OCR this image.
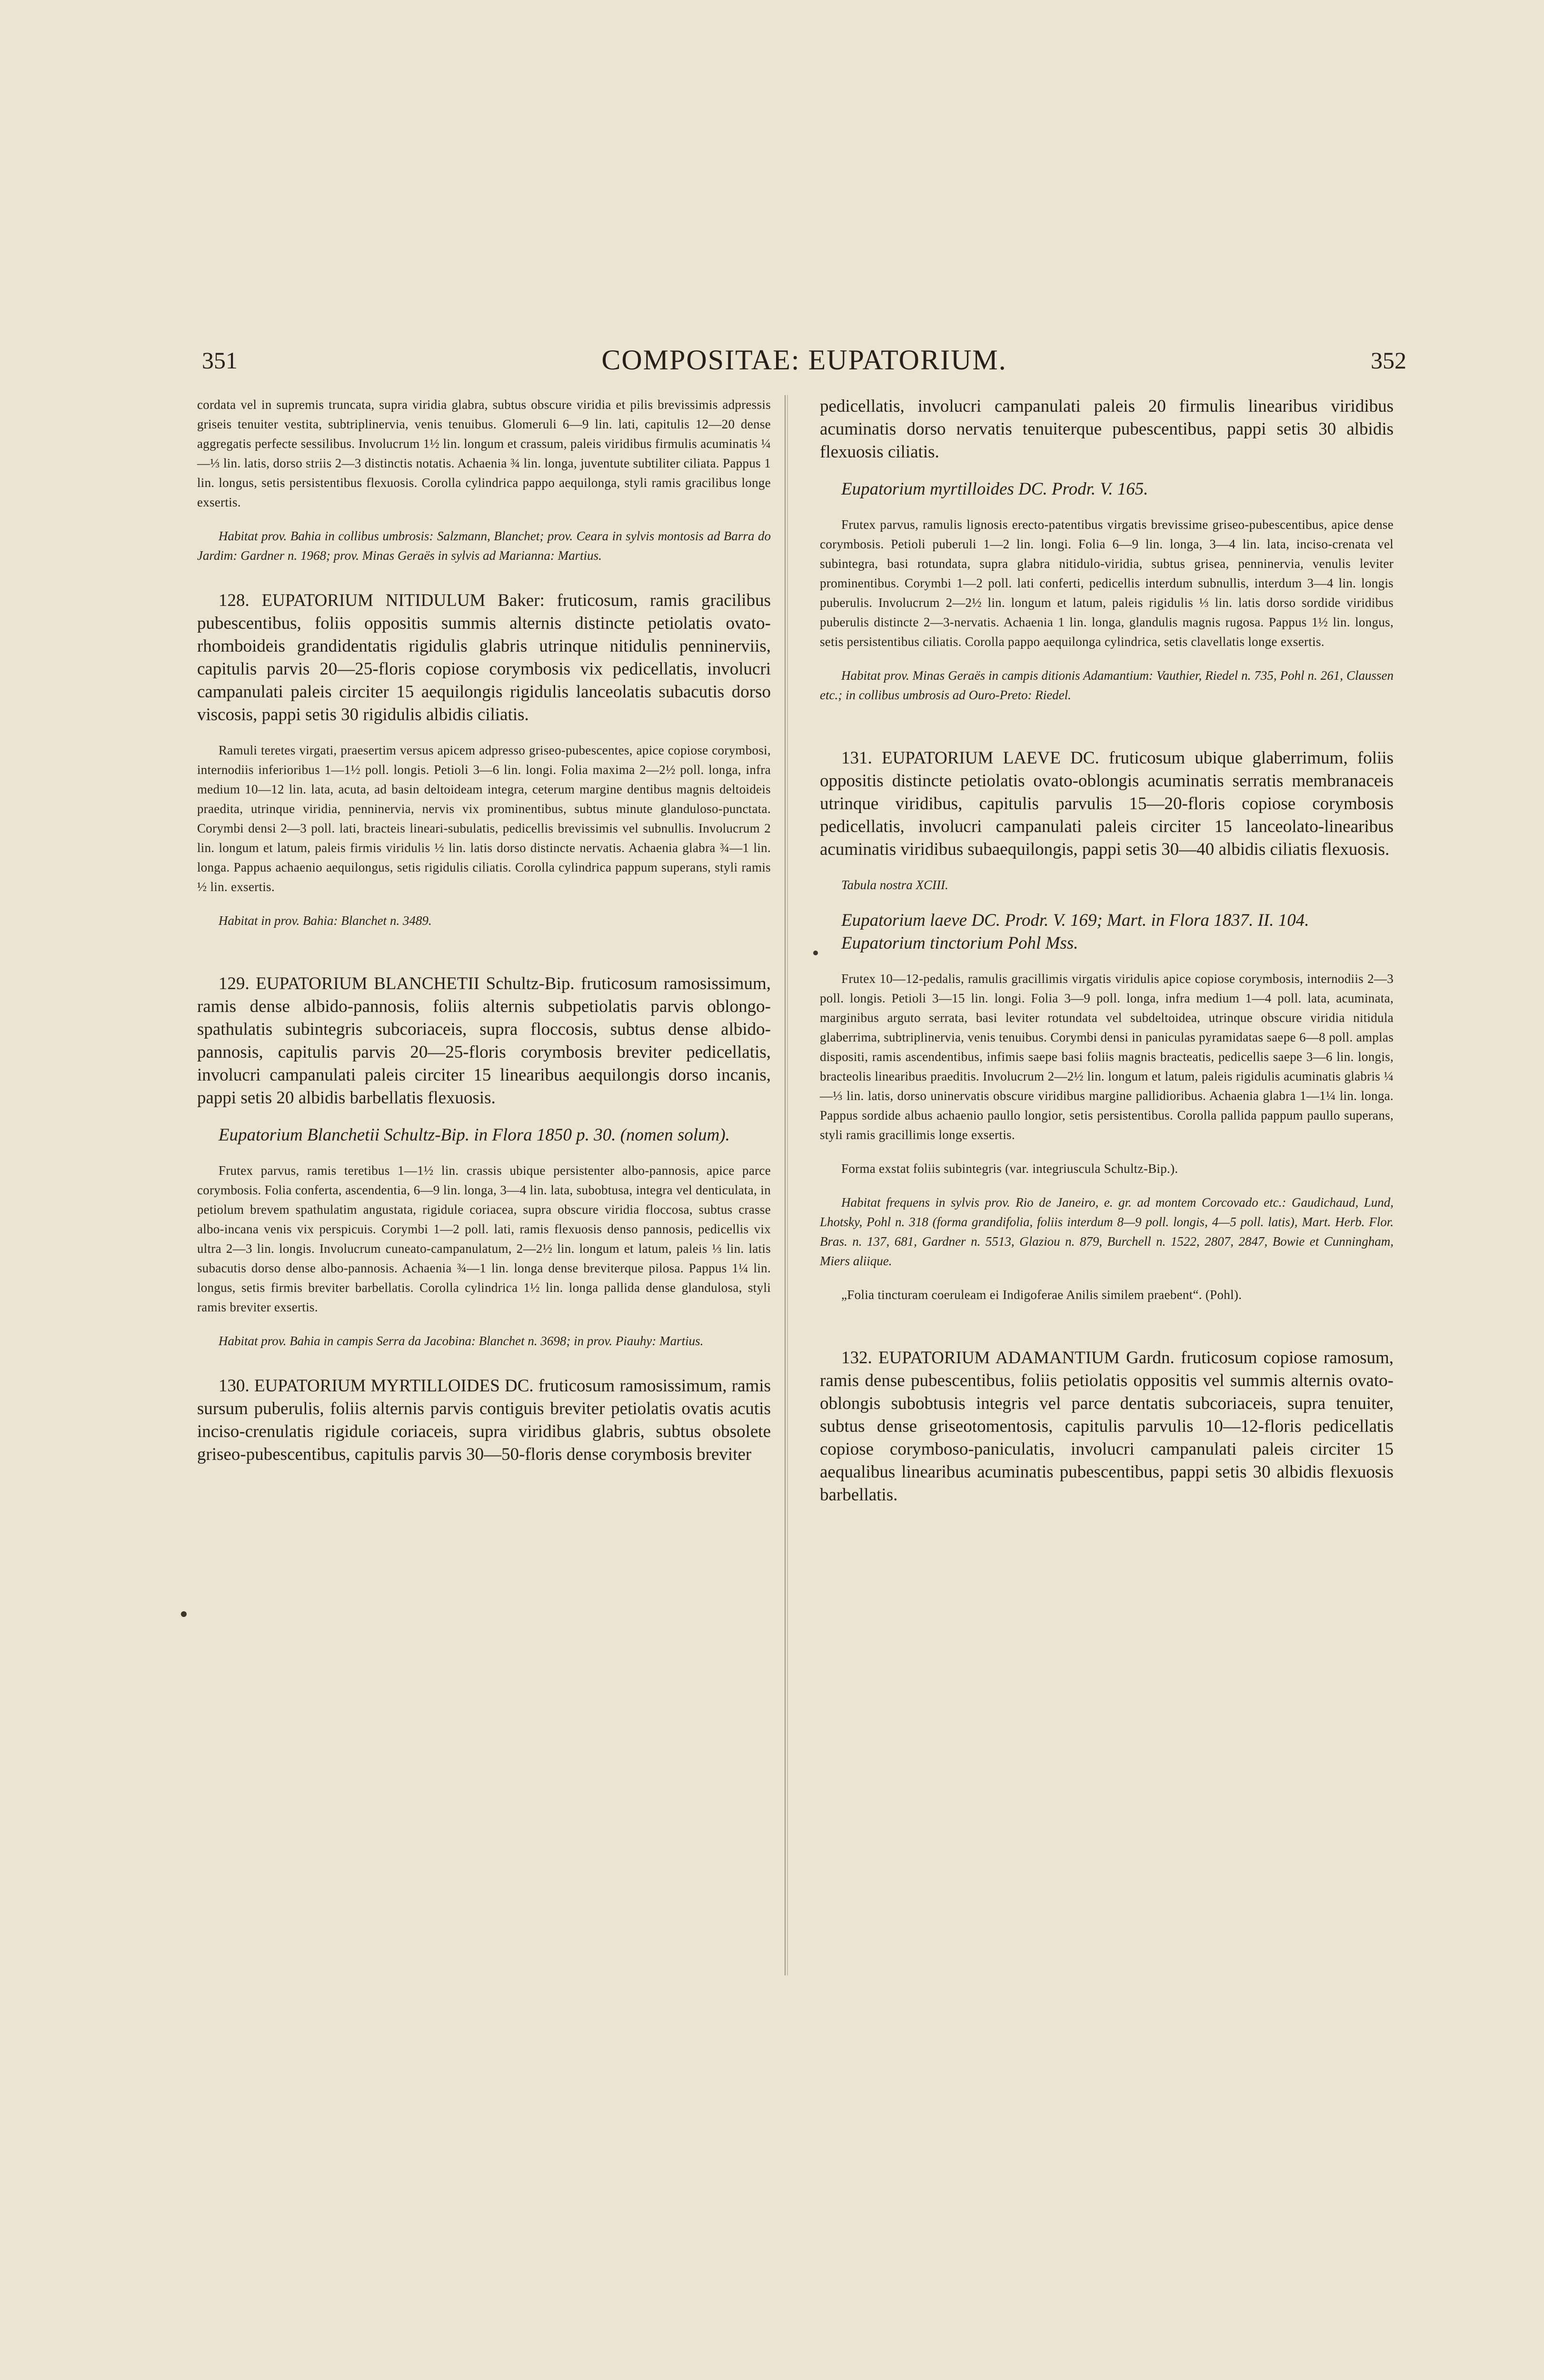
351	COMPOSITAE: EUPATORIUM.	352
cordata vel in supremis truncata, supra viridia glabra, subtus obscure viridia et pilis brevissimis adpressis griseis tenuiter vestita, subtriplinervia, venis tenuibus. Glomeruli 6—9 lin. lati, capitulis 12—20 dense aggregatis perfecte sessilibus. Involucrum 1½ lin. longum et crassum, paleis viridibus firmulis acuminatis ¼—⅓ lin. latis, dorso striis 2—3 distinctis notatis. Achaenia ¾ lin. longa, juventute subtiliter ciliata. Pappus 1 lin. longus, setis persistentibus flexuosis. Corolla cylindrica pappo aequilonga, styli ramis gracilibus longe exsertis.
Habitat prov. Bahia in collibus umbrosis: Salzmann, Blanchet; prov. Ceara in sylvis montosis ad Barra do Jardim: Gardner n. 1968; prov. Minas Geraës in sylvis ad Marianna: Martius.
128. EUPATORIUM NITIDULUM Baker: fruticosum, ramis gracilibus pubescentibus, foliis oppositis summis alternis distincte petiolatis ovato-rhomboideis grandidentatis rigidulis glabris utrinque nitidulis penninerviis, capitulis parvis 20—25-floris copiose corymbosis vix pedicellatis, involucri campanulati paleis circiter 15 aequilongis rigidulis lanceolatis subacutis dorso viscosis, pappi setis 30 rigidulis albidis ciliatis.
Ramuli teretes virgati, praesertim versus apicem adpresso griseo-pubescentes, apice copiose corymbosi, internodiis inferioribus 1—1½ poll. longis. Petioli 3—6 lin. longi. Folia maxima 2—2½ poll. longa, infra medium 10—12 lin. lata, acuta, ad basin deltoideam integra, ceterum margine dentibus magnis deltoideis praedita, utrinque viridia, penninervia, nervis vix prominentibus, subtus minute glanduloso-punctata. Corymbi densi 2—3 poll. lati, bracteis lineari-subulatis, pedicellis brevissimis vel subnullis. Involucrum 2 lin. longum et latum, paleis firmis viridulis ½ lin. latis dorso distincte nervatis. Achaenia glabra ¾—1 lin. longa. Pappus achaenio aequilongus, setis rigidulis ciliatis. Corolla cylindrica pappum superans, styli ramis ½ lin. exsertis.
Habitat in prov. Bahia: Blanchet n. 3489.
129. EUPATORIUM BLANCHETII Schultz-Bip. fruticosum ramosissimum, ramis dense albido-pannosis, foliis alternis subpetiolatis parvis oblongo-spathulatis subintegris subcoriaceis, supra floccosis, subtus dense albido-pannosis, capitulis parvis 20—25-floris corymbosis breviter pedicellatis, involucri campanulati paleis circiter 15 linearibus aequilongis dorso incanis, pappi setis 20 albidis barbellatis flexuosis.
Eupatorium Blanchetii Schultz-Bip. in Flora 1850 p. 30. (nomen solum).
Frutex parvus, ramis teretibus 1—1½ lin. crassis ubique persistenter albo-pannosis, apice parce corymbosis. Folia conferta, ascendentia, 6—9 lin. longa, 3—4 lin. lata, subobtusa, integra vel denticulata, in petiolum brevem spathulatim angustata, rigidule coriacea, supra obscure viridia floccosa, subtus crasse albo-incana venis vix perspicuis. Corymbi 1—2 poll. lati, ramis flexuosis denso pannosis, pedicellis vix ultra 2—3 lin. longis. Involucrum cuneato-campanulatum, 2—2½ lin. longum et latum, paleis ⅓ lin. latis subacutis dorso dense albo-pannosis. Achaenia ¾—1 lin. longa dense breviterque pilosa. Pappus 1¼ lin. longus, setis firmis breviter barbellatis. Corolla cylindrica 1½ lin. longa pallida dense glandulosa, styli ramis breviter exsertis.
Habitat prov. Bahia in campis Serra da Jacobina: Blanchet n. 3698; in prov. Piauhy: Martius.
130. EUPATORIUM MYRTILLOIDES DC. fruticosum ramosissimum, ramis sursum puberulis, foliis alternis parvis contiguis breviter petiolatis ovatis acutis inciso-crenulatis rigidule coriaceis, supra viridibus glabris, subtus obsolete griseo-pubescentibus, capitulis parvis 30—50-floris dense corymbosis breviter
pedicellatis, involucri campanulati paleis 20 firmulis linearibus viridibus acuminatis dorso nervatis tenuiterque pubescentibus, pappi setis 30 albidis flexuosis ciliatis.
Eupatorium myrtilloides DC. Prodr. V. 165.
Frutex parvus, ramulis lignosis erecto-patentibus virgatis brevissime griseo-pubescentibus, apice dense corymbosis. Petioli puberuli 1—2 lin. longi. Folia 6—9 lin. longa, 3—4 lin. lata, inciso-crenata vel subintegra, basi rotundata, supra glabra nitidulo-viridia, subtus grisea, penninervia, venulis leviter prominentibus. Corymbi 1—2 poll. lati conferti, pedicellis interdum subnullis, interdum 3—4 lin. longis puberulis. Involucrum 2—2½ lin. longum et latum, paleis rigidulis ⅓ lin. latis dorso sordide viridibus puberulis distincte 2—3-nervatis. Achaenia 1 lin. longa, glandulis magnis rugosa. Pappus 1½ lin. longus, setis persistentibus ciliatis. Corolla pappo aequilonga cylindrica, setis clavellatis longe exsertis.
Habitat prov. Minas Geraës in campis ditionis Adamantium: Vauthier, Riedel n. 735, Pohl n. 261, Claussen etc.; in collibus umbrosis ad Ouro-Preto: Riedel.
131. EUPATORIUM LAEVE DC. fruticosum ubique glaberrimum, foliis oppositis distincte petiolatis ovato-oblongis acuminatis serratis membranaceis utrinque viridibus, capitulis parvulis 15—20-floris copiose corymbosis pedicellatis, involucri campanulati paleis circiter 15 lanceolato-linearibus acuminatis viridibus subaequilongis, pappi setis 30—40 albidis ciliatis flexuosis.
Tabula nostra XCIII.
Eupatorium laeve DC. Prodr. V. 169; Mart. in Flora 1837. II. 104.
Eupatorium tinctorium Pohl Mss.
Frutex 10—12-pedalis, ramulis gracillimis virgatis viridulis apice copiose corymbosis, internodiis 2—3 poll. longis. Petioli 3—15 lin. longi. Folia 3—9 poll. longa, infra medium 1—4 poll. lata, acuminata, marginibus arguto serrata, basi leviter rotundata vel subdeltoidea, utrinque obscure viridia nitidula glaberrima, subtriplinervia, venis tenuibus. Corymbi densi in paniculas pyramidatas saepe 6—8 poll. amplas dispositi, ramis ascendentibus, infimis saepe basi foliis magnis bracteatis, pedicellis saepe 3—6 lin. longis, bracteolis linearibus praeditis. Involucrum 2—2½ lin. longum et latum, paleis rigidulis acuminatis glabris ¼—⅓ lin. latis, dorso uninervatis obscure viridibus margine pallidioribus. Achaenia glabra 1—1¼ lin. longa. Pappus sordide albus achaenio paullo longior, setis persistentibus. Corolla pallida pappum paullo superans, styli ramis gracillimis longe exsertis.
Forma exstat foliis subintegris (var. integriuscula Schultz-Bip.).
Habitat frequens in sylvis prov. Rio de Janeiro, e. gr. ad montem Corcovado etc.: Gaudichaud, Lund, Lhotsky, Pohl n. 318 (forma grandifolia, foliis interdum 8—9 poll. longis, 4—5 poll. latis), Mart. Herb. Flor. Bras. n. 137, 681, Gardner n. 5513, Glaziou n. 879, Burchell n. 1522, 2807, 2847, Bowie et Cunningham, Miers aliique.
„Folia tincturam coeruleam ei Indigoferae Anilis similem praebent“. (Pohl).
132. EUPATORIUM ADAMANTIUM Gardn. fruticosum copiose ramosum, ramis dense pubescentibus, foliis petiolatis oppositis vel summis alternis ovato-oblongis subobtusis integris vel parce dentatis subcoriaceis, supra tenuiter, subtus dense griseotomentosis, capitulis parvulis 10—12-floris pedicellatis copiose corymboso-paniculatis, involucri campanulati paleis circiter 15 aequalibus linearibus acuminatis pubescentibus, pappi setis 30 albidis flexuosis barbellatis.
